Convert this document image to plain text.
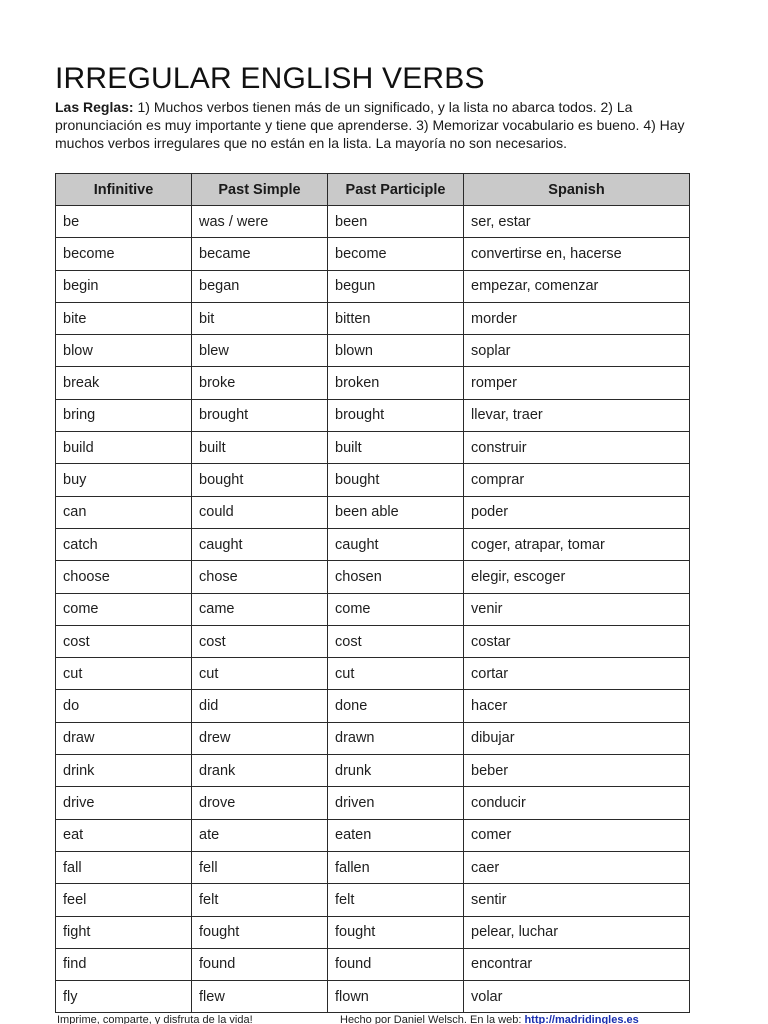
IRREGULAR ENGLISH VERBS

Las Reglas: 1) Muchos verbos tienen más de un significado, y la lista no abarca todos. 2) La pronunciación es muy importante y tiene que aprenderse. 3) Memorizar vocabulario es bueno. 4) Hay muchos verbos irregulares que no están en la lista. La mayoría no son necesarios.

Infinitive	Past Simple	Past Participle	Spanish
be	was / were	been	ser, estar
become	became	become	convertirse en, hacerse
begin	began	begun	empezar, comenzar
bite	bit	bitten	morder
blow	blew	blown	soplar
break	broke	broken	romper
bring	brought	brought	llevar, traer
build	built	built	construir
buy	bought	bought	comprar
can	could	been able	poder
catch	caught	caught	coger, atrapar, tomar
choose	chose	chosen	elegir, escoger
come	came	come	venir
cost	cost	cost	costar
cut	cut	cut	cortar
do	did	done	hacer
draw	drew	drawn	dibujar
drink	drank	drunk	beber
drive	drove	driven	conducir
eat	ate	eaten	comer
fall	fell	fallen	caer
feel	felt	felt	sentir
fight	fought	fought	pelear, luchar
find	found	found	encontrar
fly	flew	flown	volar
Imprime, comparte, y disfruta de la vida!	Hecho por Daniel Welsch. En la web: http://madridingles.es
